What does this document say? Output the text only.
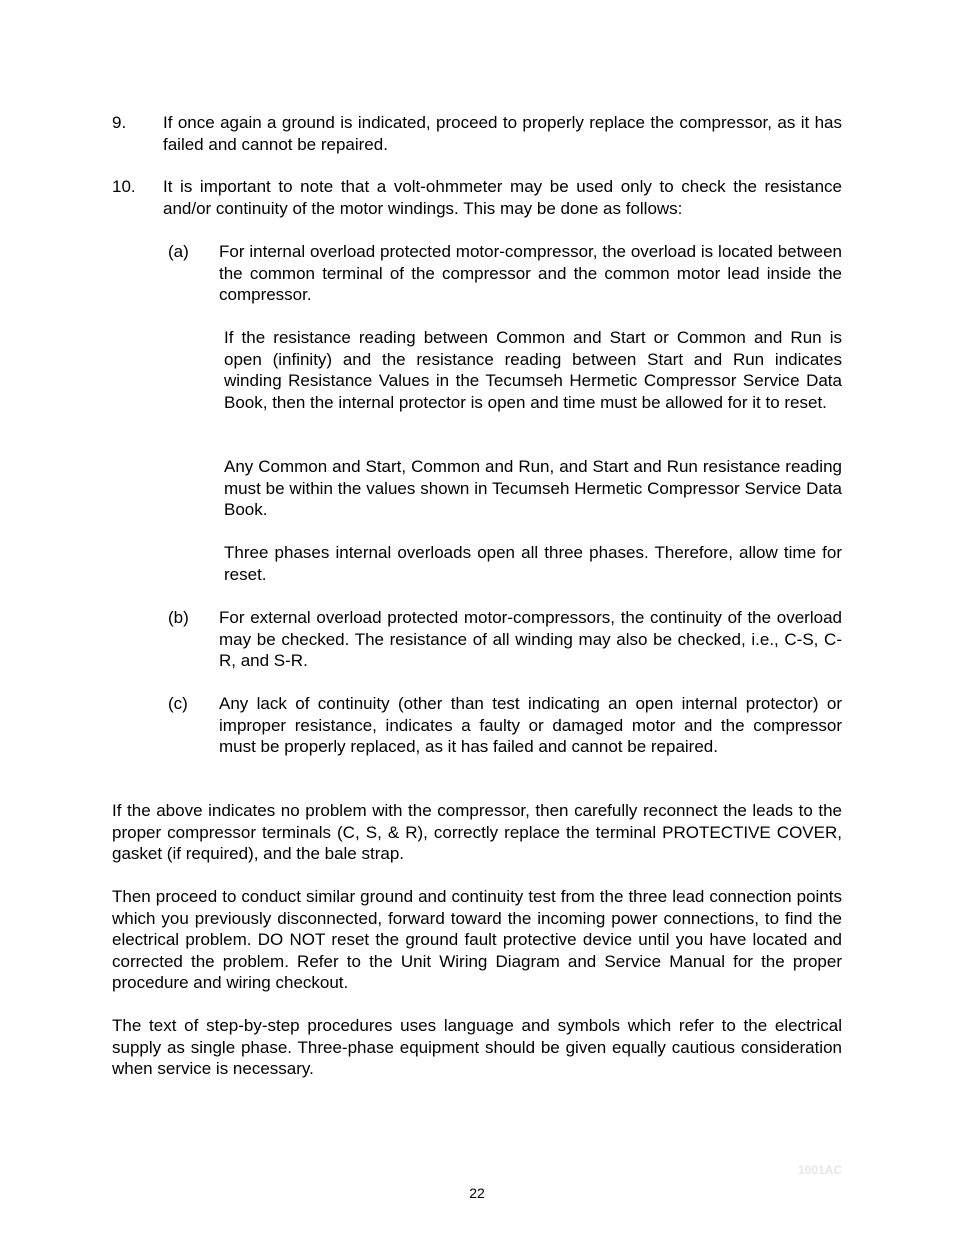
9. If once again a ground is indicated, proceed to properly replace the compressor, as it has failed and cannot be repaired.

10. It is important to note that a volt-ohmmeter may be used only to check the resistance and/or continuity of the motor windings. This may be done as follows:

(a) For internal overload protected motor-compressor, the overload is located between the common terminal of the compressor and the common motor lead inside the compressor.

If the resistance reading between Common and Start or Common and Run is open (infinity) and the resistance reading between Start and Run indicates winding Resistance Values in the Tecumseh Hermetic Compressor Service Data Book, then the internal protector is open and time must be allowed for it to reset.

Any Common and Start, Common and Run, and Start and Run resistance reading must be within the values shown in Tecumseh Hermetic Compressor Service Data Book.

Three phases internal overloads open all three phases. Therefore, allow time for reset.

(b) For external overload protected motor-compressors, the continuity of the overload may be checked. The resistance of all winding may also be checked, i.e., C-S, C-R, and S-R.

(c) Any lack of continuity (other than test indicating an open internal protector) or improper resistance, indicates a faulty or damaged motor and the compressor must be properly replaced, as it has failed and cannot be repaired.

If the above indicates no problem with the compressor, then carefully reconnect the leads to the proper compressor terminals (C, S, & R), correctly replace the terminal PROTECTIVE COVER, gasket (if required), and the bale strap.

Then proceed to conduct similar ground and continuity test from the three lead connection points which you previously disconnected, forward toward the incoming power connections, to find the electrical problem. DO NOT reset the ground fault protective device until you have located and corrected the problem. Refer to the Unit Wiring Diagram and Service Manual for the proper procedure and wiring checkout.

The text of step-by-step procedures uses language and symbols which refer to the electrical supply as single phase. Three-phase equipment should be given equally cautious consideration when service is necessary.

1001AC
22
